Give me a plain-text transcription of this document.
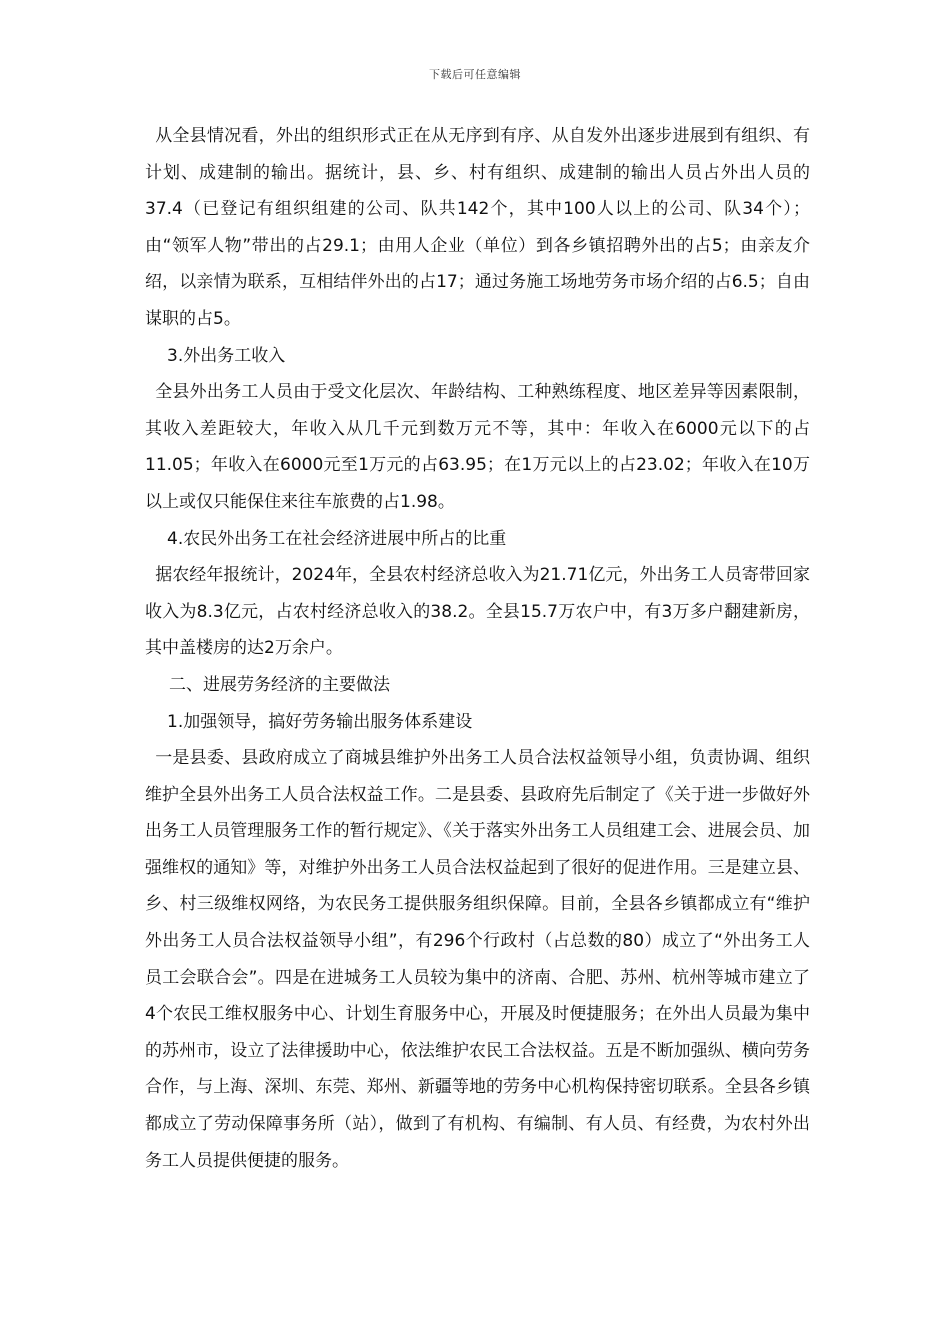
下载后可任意编辑

从全县情况看，外出的组织形式正在从无序到有序、从自发外出逐步进展到有组织、有计划、成建制的输出。据统计，县、乡、村有组织、成建制的输出人员占外出人员的37.4（已登记有组织组建的公司、队共142个，其中100人以上的公司、队34个）；由“领军人物”带出的占29.1；由用人企业（单位）到各乡镇招聘外出的占5；由亲友介绍，以亲情为联系，互相结伴外出的占17；通过务施工场地劳务市场介绍的占6.5；自由谋职的占5。

3.外出务工收入

全县外出务工人员由于受文化层次、年龄结构、工种熟练程度、地区差异等因素限制，其收入差距较大，年收入从几千元到数万元不等，其中：年收入在6000元以下的占11.05；年收入在6000元至1万元的占63.95；在1万元以上的占23.02；年收入在10万以上或仅只能保住来往车旅费的占1.98。

4.农民外出务工在社会经济进展中所占的比重

据农经年报统计，2024年，全县农村经济总收入为21.71亿元，外出务工人员寄带回家收入为8.3亿元，占农村经济总收入的38.2。全县15.7万农户中，有3万多户翻建新房，其中盖楼房的达2万余户。

二、进展劳务经济的主要做法

1.加强领导，搞好劳务输出服务体系建设

一是县委、县政府成立了商城县维护外出务工人员合法权益领导小组，负责协调、组织维护全县外出务工人员合法权益工作。二是县委、县政府先后制定了《关于进一步做好外出务工人员管理服务工作的暂行规定》、《关于落实外出务工人员组建工会、进展会员、加强维权的通知》等，对维护外出务工人员合法权益起到了很好的促进作用。三是建立县、乡、村三级维权网络，为农民务工提供服务组织保障。目前，全县各乡镇都成立有“维护外出务工人员合法权益领导小组”，有296个行政村（占总数的80）成立了“外出务工人员工会联合会”。四是在进城务工人员较为集中的济南、合肥、苏州、杭州等城市建立了4个农民工维权服务中心、计划生育服务中心，开展及时便捷服务；在外出人员最为集中的苏州市，设立了法律援助中心，依法维护农民工合法权益。五是不断加强纵、横向劳务合作，与上海、深圳、东莞、郑州、新疆等地的劳务中心机构保持密切联系。全县各乡镇都成立了劳动保障事务所（站），做到了有机构、有编制、有人员、有经费，为农村外出务工人员提供便捷的服务。
